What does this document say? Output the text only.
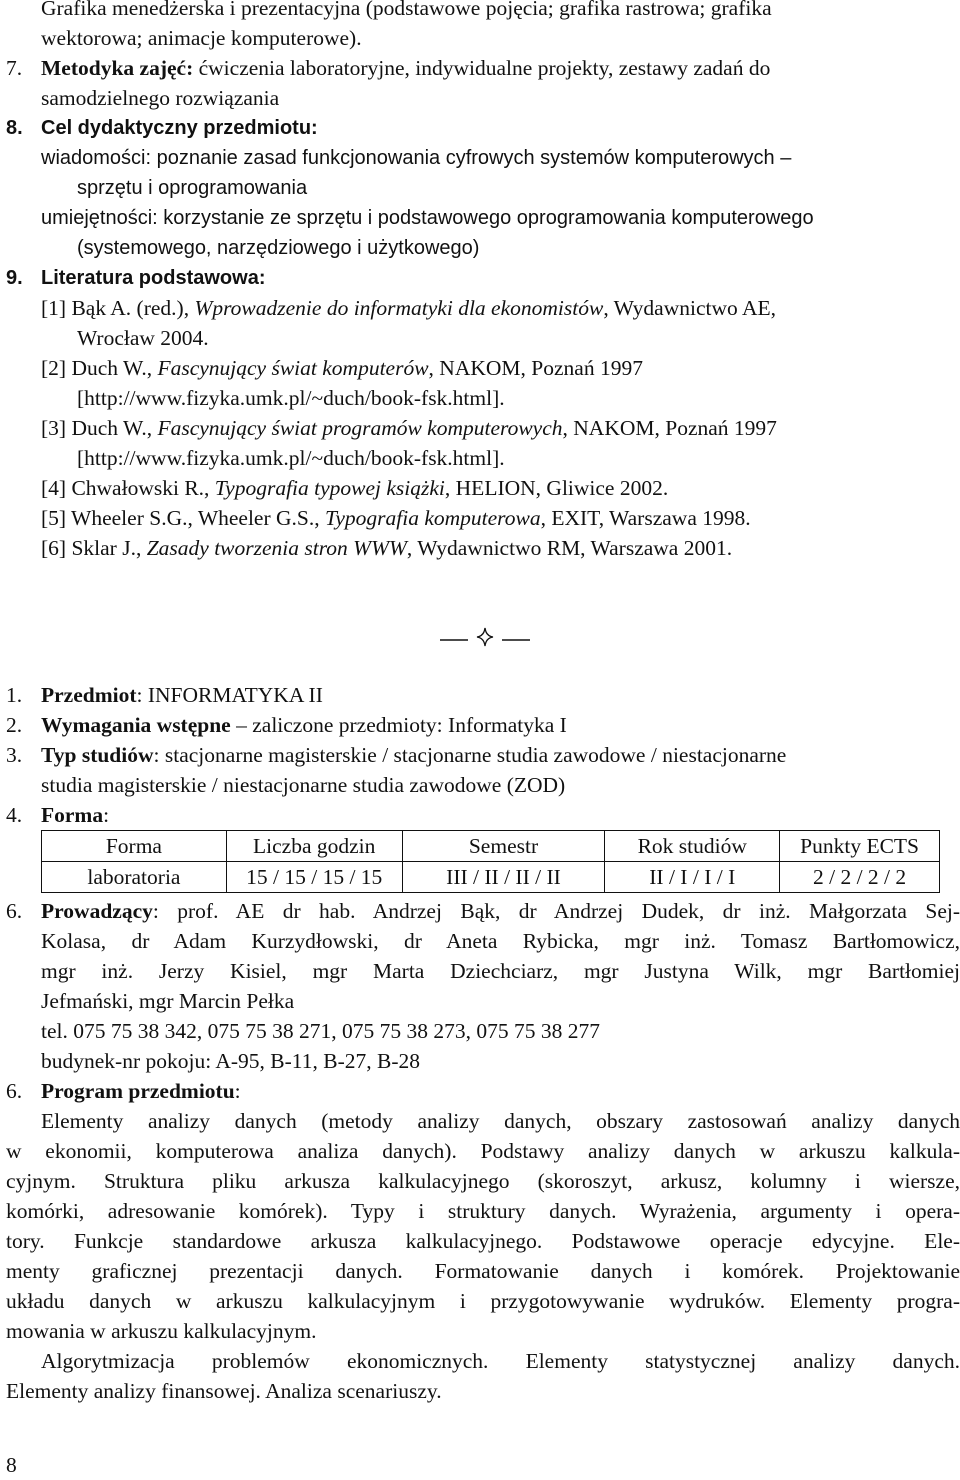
Grafika menedżerska i prezentacyjna (podstawowe pojęcia; grafika rastrowa; grafika
wektorowa; animacje komputerowe).
7. Metodyka zajęć: ćwiczenia laboratoryjne, indywidualne projekty, zestawy zadań do
samodzielnego rozwiązania
8. Cel dydaktyczny przedmiotu:
wiadomości: poznanie zasad funkcjonowania cyfrowych systemów komputerowych –
sprzętu i oprogramowania
umiejętności: korzystanie ze sprzętu i podstawowego oprogramowania komputerowego
(systemowego, narzędziowego i użytkowego)
9. Literatura podstawowa:
[1] Bąk A. (red.), Wprowadzenie do informatyki dla ekonomistów, Wydawnictwo AE,
Wrocław 2004.
[2] Duch W., Fascynujący świat komputerów, NAKOM, Poznań 1997
[http://www.fizyka.umk.pl/~duch/book-fsk.html].
[3] Duch W., Fascynujący świat programów komputerowych, NAKOM, Poznań 1997
[http://www.fizyka.umk.pl/~duch/book-fsk.html].
[4] Chwałowski R., Typografia typowej książki, HELION, Gliwice 2002.
[5] Wheeler S.G., Wheeler G.S., Typografia komputerowa, EXIT, Warszawa 1998.
[6] Sklar J., Zasady tworzenia stron WWW, Wydawnictwo RM, Warszawa 2001.
1. Przedmiot: INFORMATYKA II
2. Wymagania wstępne – zaliczone przedmioty: Informatyka I
3. Typ studiów: stacjonarne magisterskie / stacjonarne studia zawodowe / niestacjonarne
studia magisterskie / niestacjonarne studia zawodowe (ZOD)
4. Forma:
Forma	Liczba godzin	Semestr	Rok studiów	Punkty ECTS
laboratoria	15 / 15 / 15 / 15	III / II / II / II	II / I / I / I	2 / 2 / 2 / 2
6. Prowadzący: prof. AE dr hab. Andrzej Bąk, dr Andrzej Dudek, dr inż. Małgorzata Sej-
Kolasa, dr Adam Kurzydłowski, dr Aneta Rybicka, mgr inż. Tomasz Bartłomowicz,
mgr inż. Jerzy Kisiel, mgr Marta Dziechciarz, mgr Justyna Wilk, mgr Bartłomiej
Jefmański, mgr Marcin Pełka
tel. 075 75 38 342, 075 75 38 271, 075 75 38 273, 075 75 38 277
budynek-nr pokoju: A-95, B-11, B-27, B-28
6. Program przedmiotu:
Elementy analizy danych (metody analizy danych, obszary zastosowań analizy danych
w ekonomii, komputerowa analiza danych). Podstawy analizy danych w arkuszu kalkula-
cyjnym. Struktura pliku arkusza kalkulacyjnego (skoroszyt, arkusz, kolumny i wiersze,
komórki, adresowanie komórek). Typy i struktury danych. Wyrażenia, argumenty i opera-
tory. Funkcje standardowe arkusza kalkulacyjnego. Podstawowe operacje edycyjne. Ele-
menty graficznej prezentacji danych. Formatowanie danych i komórek. Projektowanie
układu danych w arkuszu kalkulacyjnym i przygotowywanie wydruków. Elementy progra-
mowania w arkuszu kalkulacyjnym.
Algorytmizacja problemów ekonomicznych. Elementy statystycznej analizy danych.
Elementy analizy finansowej. Analiza scenariuszy.
8
